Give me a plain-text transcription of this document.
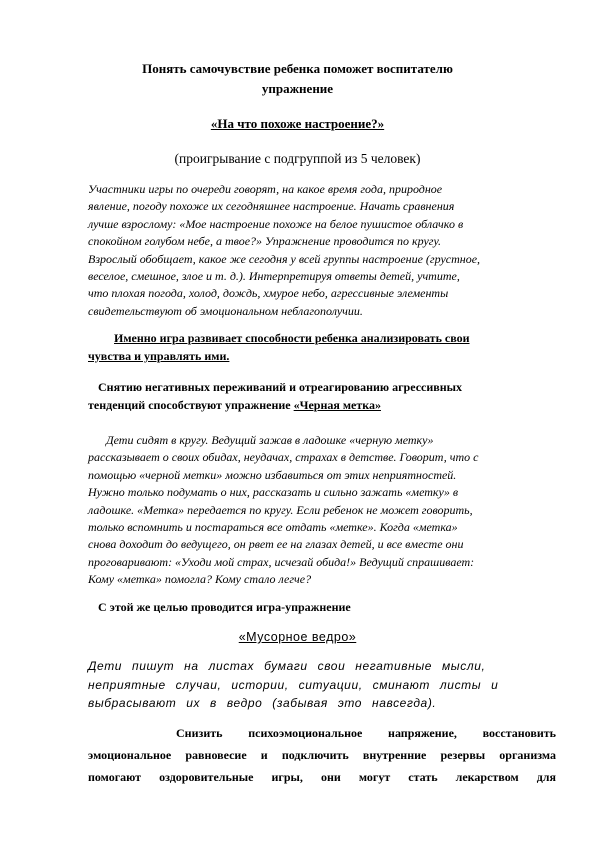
Понять самочувствие ребенка поможет воспитателю
упражнение
«На что похоже настроение?»
(проигрывание с подгруппой из 5 человек)
Участники игры по очереди говорят, на какое время года, природное
явление, погоду похоже их сегодняшнее настроение. Начать сравнения
лучше взрослому: «Мое настроение похоже на белое пушистое облачко в
спокойном голубом небе, а твое?» Упражнение проводится по кругу.
Взрослый обобщает, какое же сегодня у всей группы настроение (грустное,
веселое, смешное, злое и т. д.). Интерпретируя ответы детей, учтите,
что плохая погода, холод, дождь, хмурое небо, агрессивные элементы
свидетельствуют об эмоциональном неблагополучии.
Именно игра развивает способности ребенка анализировать свои
чувства и управлять ими.
Снятию негативных переживаний и отреагированию агрессивных
тенденций способствуют упражнение «Черная метка»
Дети сидят в кругу. Ведущий зажав в ладошке «черную метку»
рассказывает о своих обидах, неудачах, страхах в детстве. Говорит, что с
помощью «черной метки» можно избавиться от этих неприятностей.
Нужно только подумать о них, рассказать и сильно зажать «метку» в
ладошке. «Метка» передается по кругу. Если ребенок не может говорить,
только вспомнить и постараться все отдать «метке». Когда «метка»
снова доходит до ведущего, он рвет ее на глазах детей, и все вместе они
проговаривают: «Уходи мой страх, исчезай обида!» Ведущий спрашивает:
Кому «метка» помогла? Кому стало легче?
С этой же целью проводится игра-упражнение
«Мусорное ведро»
Дети пишут на листах бумаги свои негативные мысли,
неприятные случаи, истории, ситуации, сминают листы и
выбрасывают их в ведро (забывая это навсегда).
Снизить психоэмоциональное напряжение, восстановить
эмоциональное равновесие и подключить внутренние резервы организма
помогают оздоровительные игры, они могут стать лекарством для
